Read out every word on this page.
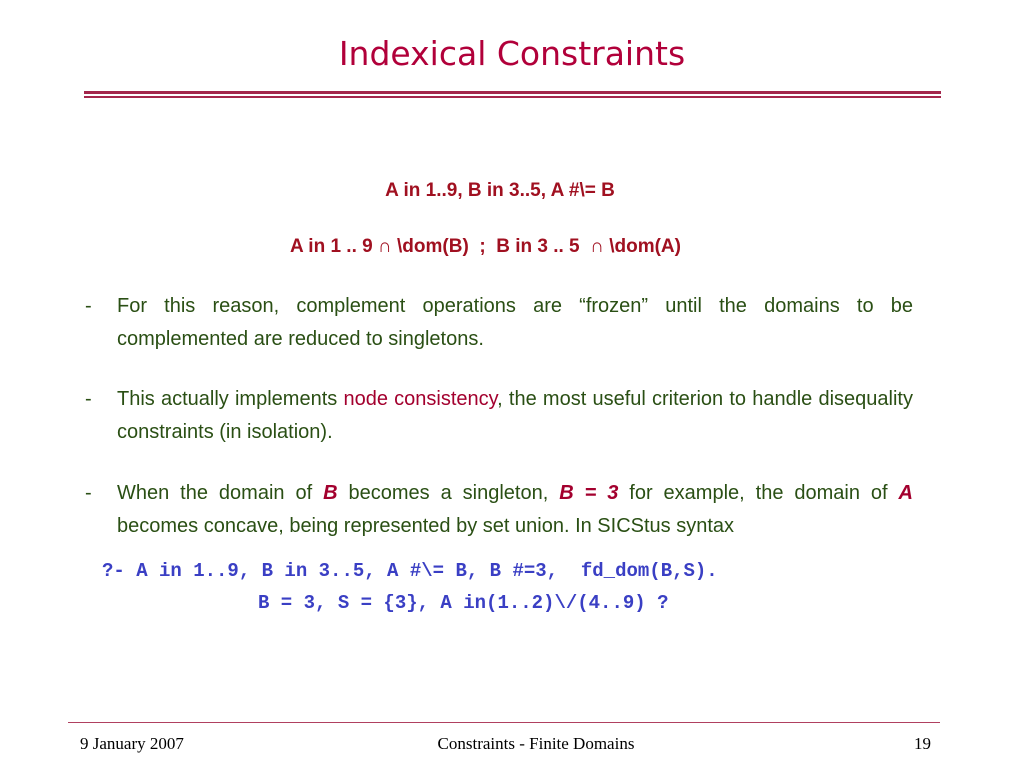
Indexical Constraints
A in 1..9, B in 3..5, A #\= B
A in 1 .. 9 ∩ \dom(B)  ;  B in 3 .. 5  ∩ \dom(A)
- For this reason, complement operations are “frozen” until the domains to be complemented are reduced to singletons.
- This actually implements node consistency, the most useful criterion to handle disequality constraints (in isolation).
- When the domain of B becomes a singleton, B = 3 for example, the domain of A becomes concave, being represented by set union. In SICStus syntax
?- A in 1..9, B in 3..5, A #\= B, B #=3,  fd_dom(B,S).
B = 3, S = {3}, A in(1..2)\/(4..9) ?
9 January 2007	Constraints - Finite Domains	19
